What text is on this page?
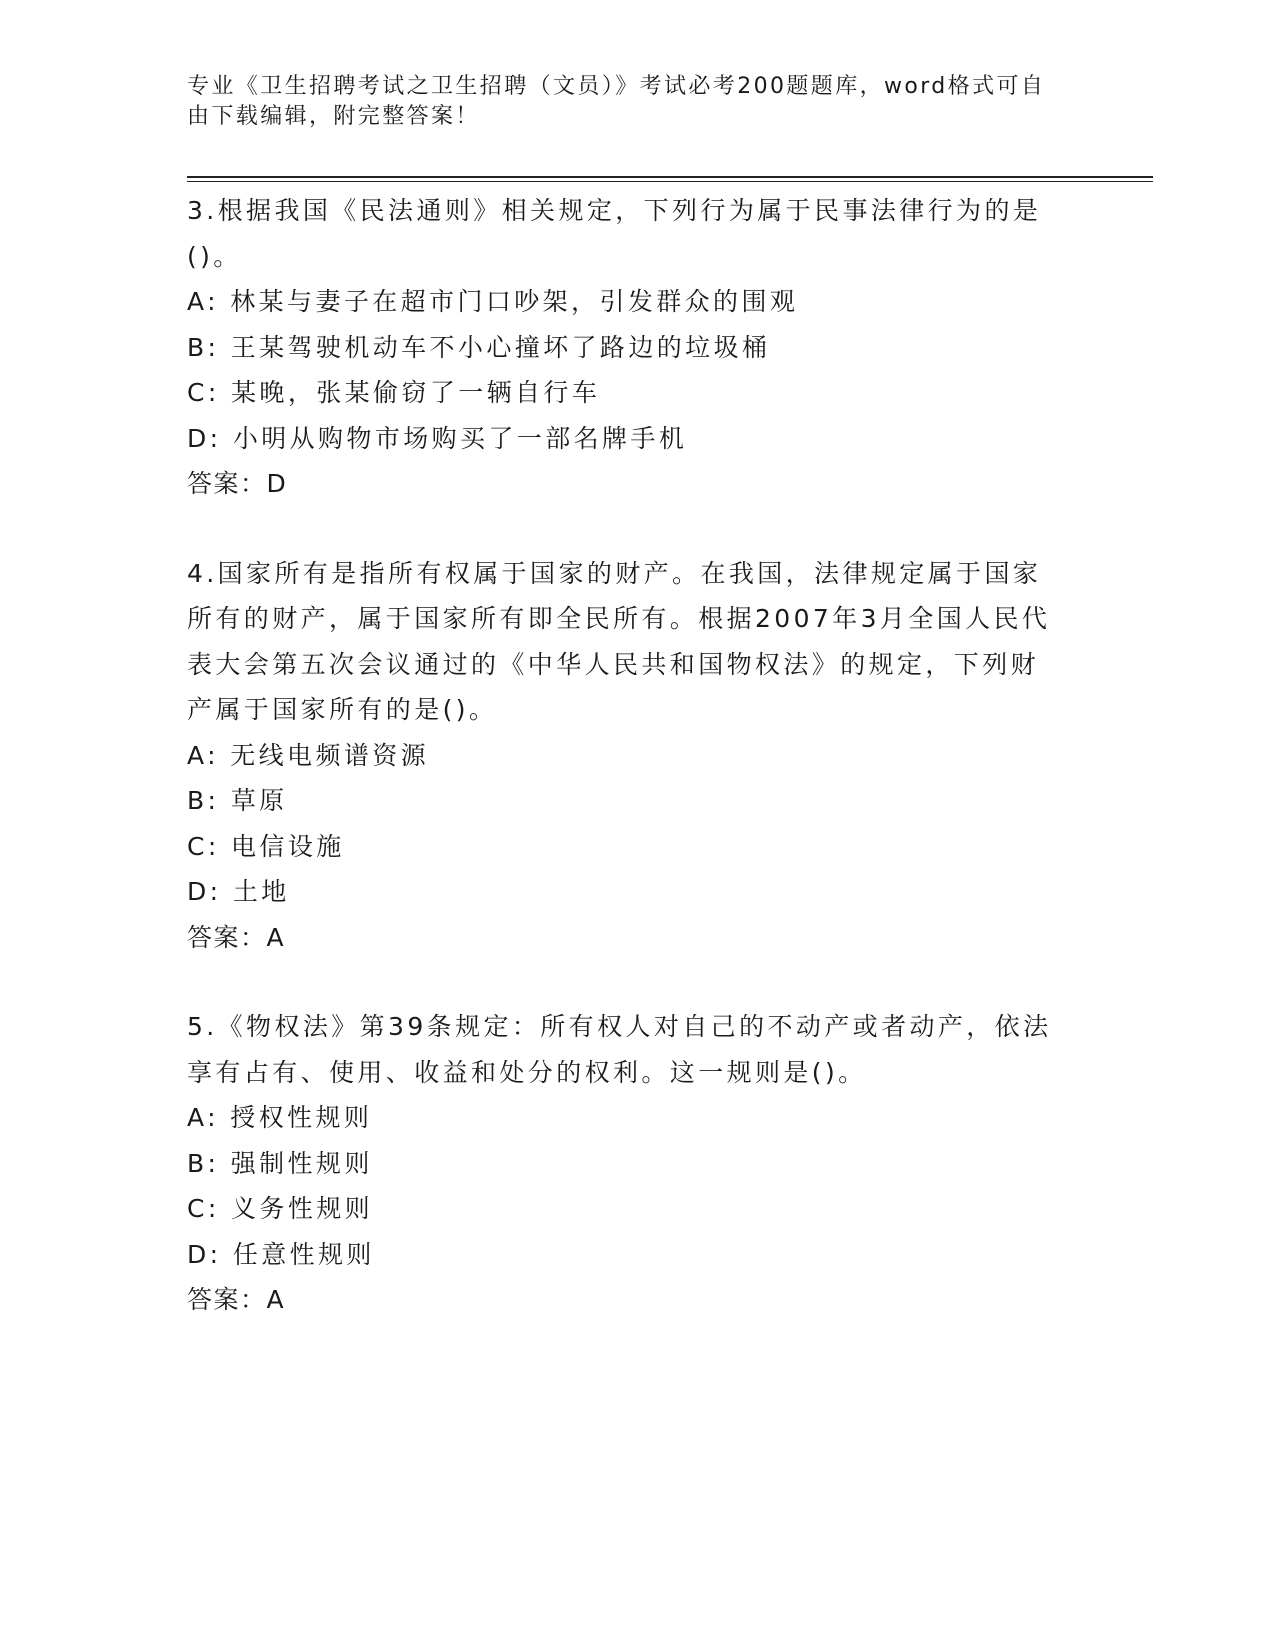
专业《卫生招聘考试之卫生招聘（文员）》考试必考200题题库，word格式可自
由下载编辑，附完整答案！
3.根据我国《民法通则》相关规定，下列行为属于民事法律行为的是
()。
A: 林某与妻子在超市门口吵架，引发群众的围观
B: 王某驾驶机动车不小心撞坏了路边的垃圾桶
C: 某晚，张某偷窃了一辆自行车
D: 小明从购物市场购买了一部名牌手机
答案：D
4.国家所有是指所有权属于国家的财产。在我国，法律规定属于国家
所有的财产，属于国家所有即全民所有。根据2007年3月全国人民代
表大会第五次会议通过的《中华人民共和国物权法》的规定，下列财
产属于国家所有的是()。
A: 无线电频谱资源
B: 草原
C: 电信设施
D: 土地
答案：A
5.《物权法》第39条规定：所有权人对自己的不动产或者动产，依法
享有占有、使用、收益和处分的权利。这一规则是()。
A: 授权性规则
B: 强制性规则
C: 义务性规则
D: 任意性规则
答案：A
